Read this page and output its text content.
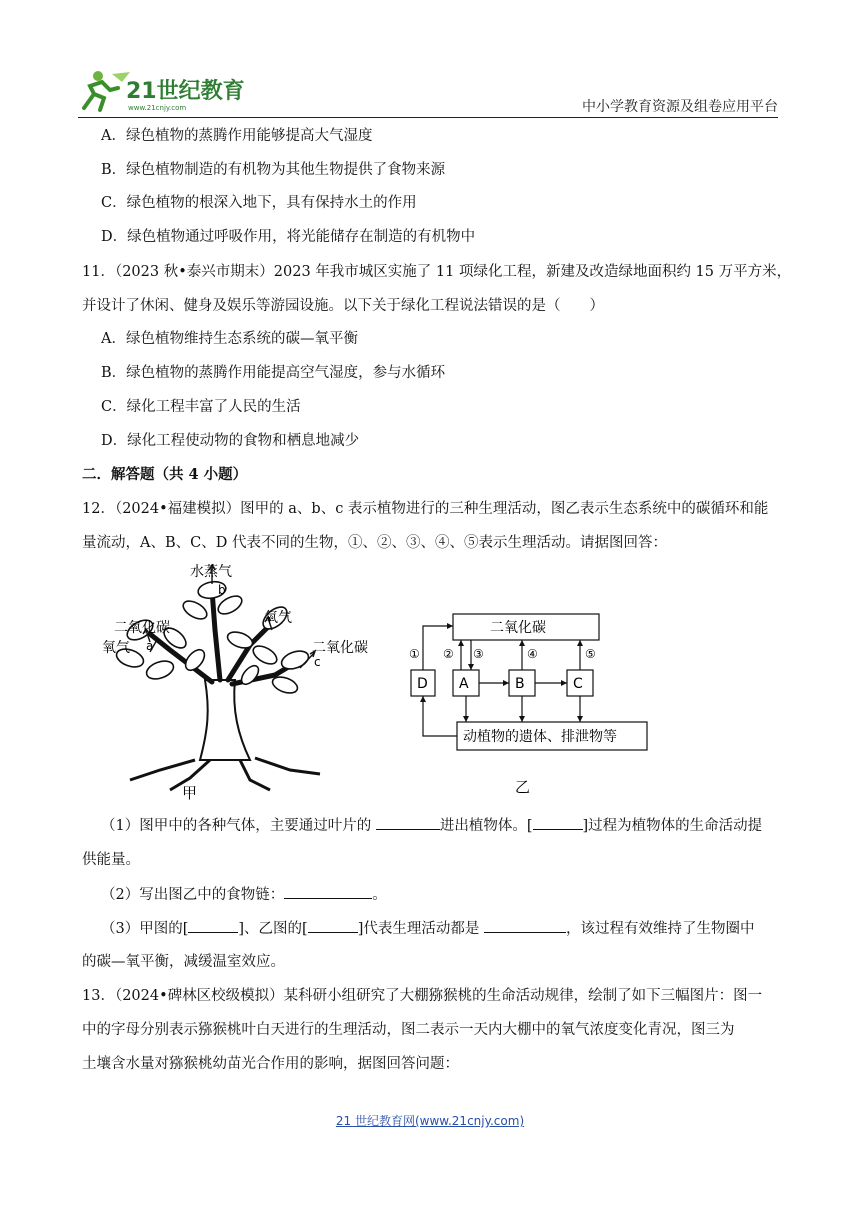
21世纪教育
www.21cnjy.com	中小学教育资源及组卷应用平台
A．绿色植物的蒸腾作用能够提高大气湿度
B．绿色植物制造的有机物为其他生物提供了食物来源
C．绿色植物的根深入地下，具有保持水土的作用
D．绿色植物通过呼吸作用，将光能储存在制造的有机物中
11．（2023 秋•泰兴市期末）2023 年我市城区实施了 11 项绿化工程，新建及改造绿地面积约 15 万平方米，
并设计了休闲、健身及娱乐等游园设施。以下关于绿化工程说法错误的是（　　）
A．绿色植物维持生态系统的碳—氧平衡
B．绿色植物的蒸腾作用能提高空气湿度，参与水循环
C．绿化工程丰富了人民的生活
D．绿化工程使动物的食物和栖息地减少
二．解答题（共 4 小题）
12．（2024•福建模拟）图甲的 a、b、c 表示植物进行的三种生理活动，图乙表示生态系统中的碳循环和能
量流动，A、B、C、D 代表不同的生物，①、②、③、④、⑤表示生理活动。请据图回答：
水蒸气
b
二氧化碳
氧气
a
氧气	二氧化碳
c
甲
二氧化碳
D A	B	C
① ② ③	④	⑤
动植物的遗体、排泄物等
乙
（1）图甲中的各种气体，主要通过叶片的	进出植物体。[	]过程为植物体的生命活动提
供能量。
（2）写出图乙中的食物链：	。
（3）甲图的[	]、乙图的[	]代表生理活动都是	，该过程有效维持了生物圈中
的碳—氧平衡，减缓温室效应。
13．（2024•碑林区校级模拟）某科研小组研究了大棚猕猴桃的生命活动规律，绘制了如下三幅图片：图一
中的字母分别表示猕猴桃叶白天进行的生理活动，图二表示一天内大棚中的氧气浓度变化青况，图三为
土壤含水量对猕猴桃幼苗光合作用的影响，据图回答问题：
21 世纪教育网(www.21cnjy.com)
